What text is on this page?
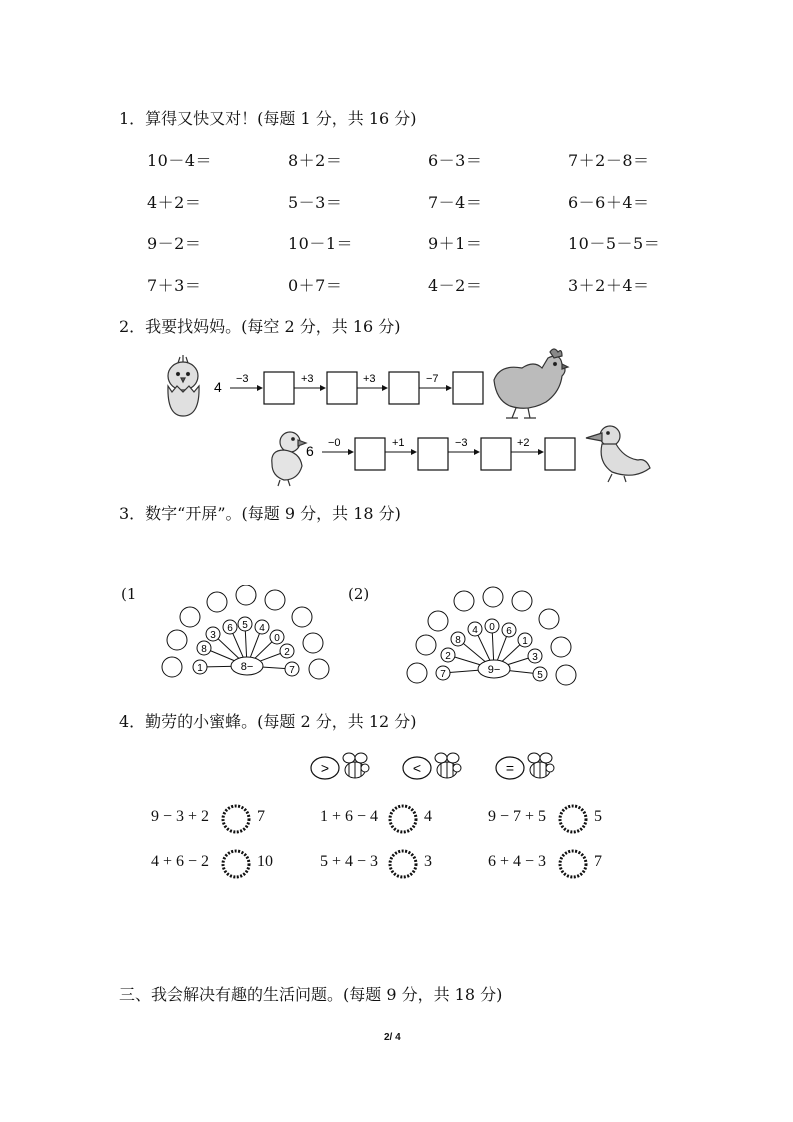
1．算得又快又对！(每题 1 分，共 16 分)
10－4＝	8＋2＝	6－3＝	7＋2－8＝
4＋2＝	5－3＝	7－4＝	6－6＋4＝
9－2＝	10－1＝	9＋1＝	10－5－5＝
7＋3＝	0＋7＝	4－2＝	3＋2＋4＝
2．我要找妈妈。(每空 2 分，共 16 分)
4 −3	+3	+3	−7
6 −0	+1	−3	+2
3．数字“开屏”。(每题 9 分，共 18 分)
(1	(2)
1
8
3
6 5 4
0
2
7
8−
7
2
8
4 0 6
1
3
5
9−
4．勤劳的小蜜蜂。(每题 2 分，共 12 分)
>	<	=
9 − 3 + 2	7	1 + 6 − 4	4	9 − 7 + 5	5
4 + 6 − 2	10	5 + 4 − 3	3	6 + 4 − 3	7
三、我会解决有趣的生活问题。(每题 9 分，共 18 分)
2/ 4
